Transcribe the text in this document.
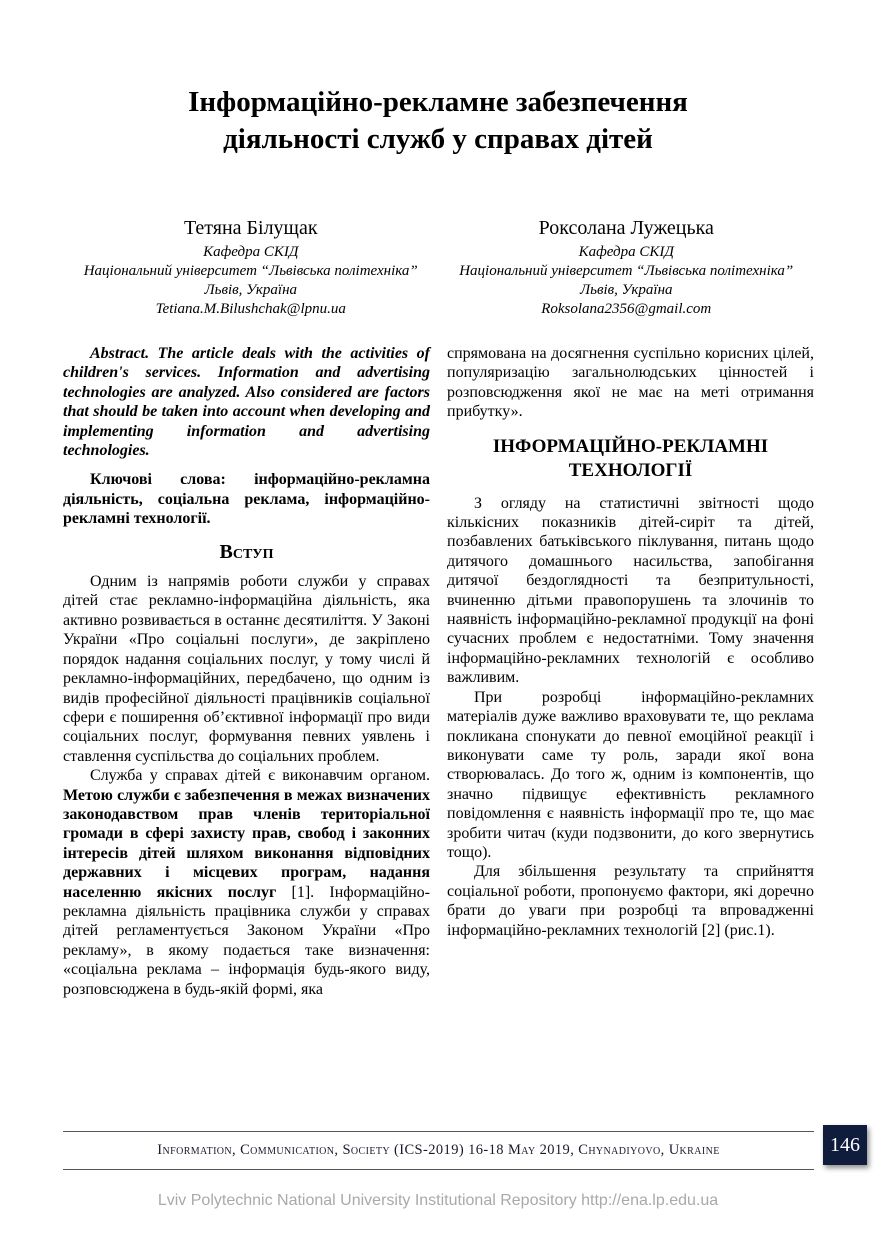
Інформаційно-рекламне забезпечення
діяльності служб у справах дітей
Тетяна Білущак
Кафедра СКІД
Національний університет “Львівська політехніка”
Львів, Україна
Tetiana.M.Bilushchak@lpnu.ua
Роксолана Лужецька
Кафедра СКІД
Національний університет “Львівська політехніка”
Львів, Україна
Roksolana2356@gmail.com

Abstract. The article deals with the activities of children's services. Information and advertising technologies are analyzed. Also considered are factors that should be taken into account when developing and implementing information and advertising technologies.

Ключові слова: інформаційно-рекламна діяльність, соціальна реклама, інформаційно-рекламні технології.

Вступ

Одним із напрямів роботи служби у справах дітей стає рекламно-інформаційна діяльність, яка активно розвивається в останнє десятиліття. У Законі України «Про соціальні послуги», де закріплено порядок надання соціальних послуг, у тому числі й рекламно-інформаційних, передбачено, що одним із видів професійної діяльності працівників соціальної сфери є поширення об’єктивної інформації про види соціальних послуг, формування певних уявлень і ставлення суспільства до соціальних проблем.

Служба у справах дітей є виконавчим органом. Метою служби є забезпечення в межах визначених законодавством прав членів територіальної громади в сфері захисту прав, свобод і законних інтересів дітей шляхом виконання відповідних державних і місцевих програм, надання населенню якісних послуг [1]. Інформаційно-рекламна діяльність працівника служби у справах дітей регламентується Законом України «Про рекламу», в якому подається таке визначення: «соціальна реклама – інформація будь-якого виду, розповсюджена в будь-якій формі, яка

спрямована на досягнення суспільно корисних цілей, популяризацію загальнолюдських цінностей і розповсюдження якої не має на меті отримання прибутку».

ІНФОРМАЦІЙНО-РЕКЛАМНІ ТЕХНОЛОГІЇ

З огляду на статистичні звітності щодо кількісних показників дітей-сиріт та дітей, позбавлених батьківського піклування, питань щодо дитячого домашнього насильства, запобігання дитячої бездоглядності та безпритульності, вчиненню дітьми правопорушень та злочинів то наявність інформаційно-рекламної продукції на фоні сучасних проблем є недостатніми. Тому значення інформаційно-рекламних технологій є особливо важливим.

При розробці інформаційно-рекламних матеріалів дуже важливо враховувати те, що реклама покликана спонукати до певної емоційної реакції і виконувати саме ту роль, заради якої вона створювалась. До того ж, одним із компонентів, що значно підвищує ефективність рекламного повідомлення є наявність інформації про те, що має зробити читач (куди подзвонити, до кого звернутись тощо).

Для збільшення результату та сприйняття соціальної роботи, пропонуємо фактори, які доречно брати до уваги при розробці та впровадженні інформаційно-рекламних технологій [2] (рис.1).

Information, Communication, Society (ICS-2019) 16-18 May 2019, Chynadiyovo, Ukraine	146
Lviv Polytechnic National University Institutional Repository http://ena.lp.edu.ua
